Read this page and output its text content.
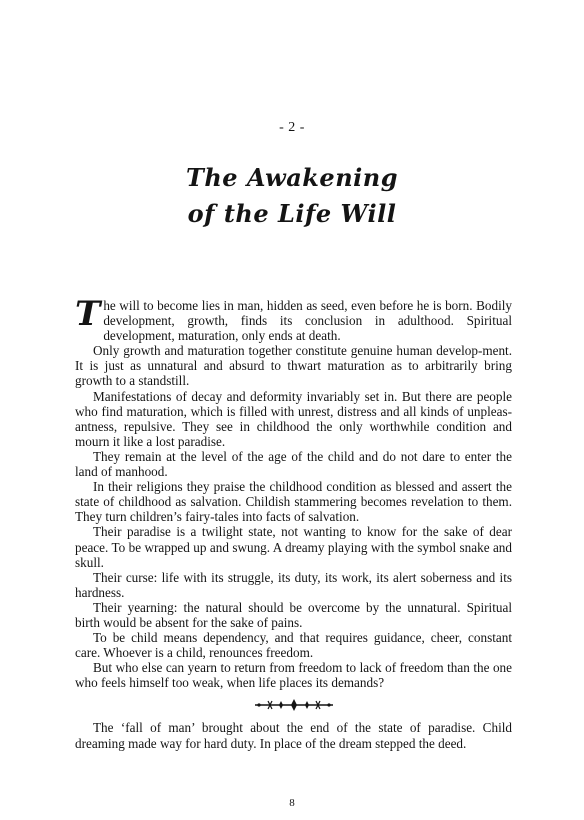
- 2 -
The Awakening
of the Life Will

The will to become lies in man, hidden as seed, even before he is born. Bodily development, growth, finds its conclusion in adulthood. Spiritual development, maturation, only ends at death.

Only growth and maturation together constitute genuine human develop-ment. It is just as unnatural and absurd to thwart maturation as to arbitrarily bring growth to a standstill.

Manifestations of decay and deformity invariably set in. But there are people who find maturation, which is filled with unrest, distress and all kinds of unpleas-antness, repulsive. They see in childhood the only worthwhile condition and mourn it like a lost paradise.

They remain at the level of the age of the child and do not dare to enter the land of manhood.

In their religions they praise the childhood condition as blessed and assert the state of childhood as salvation. Childish stammering becomes revelation to them. They turn children’s fairy-tales into facts of salvation.

Their paradise is a twilight state, not wanting to know for the sake of dear peace. To be wrapped up and swung. A dreamy playing with the symbol snake and skull.

Their curse: life with its struggle, its duty, its work, its alert soberness and its hardness.

Their yearning: the natural should be overcome by the unnatural. Spiritual birth would be absent for the sake of pains.

To be child means dependency, and that requires guidance, cheer, constant care. Whoever is a child, renounces freedom.

But who else can yearn to return from freedom to lack of freedom than the one who feels himself too weak, when life places its demands?

The ‘fall of man’ brought about the end of the state of paradise. Child dreaming made way for hard duty. In place of the dream stepped the deed.

8
